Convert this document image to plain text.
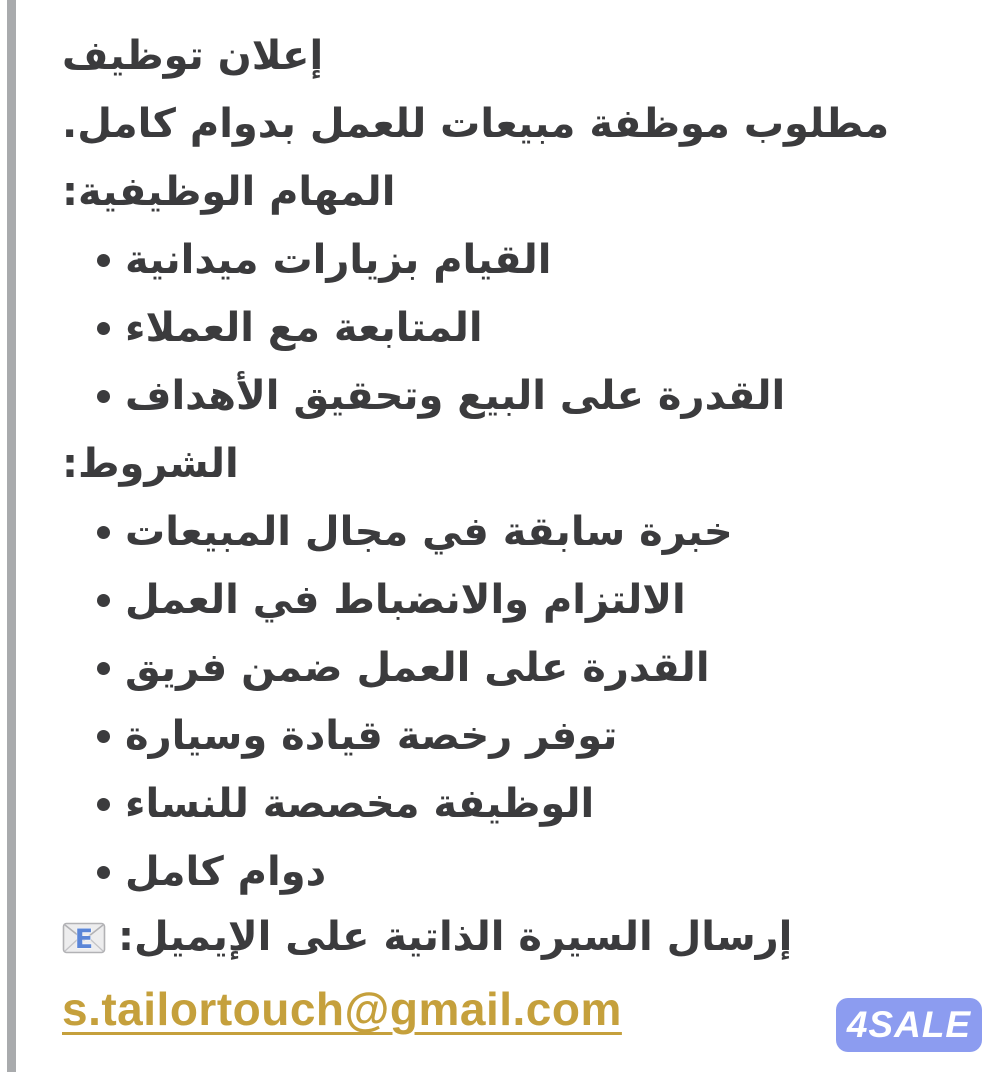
إعلان توظيف
مطلوب موظفة مبيعات للعمل بدوام كامل.
المهام الوظيفية:
القيام بزيارات ميدانية
المتابعة مع العملاء
القدرة على البيع وتحقيق الأهداف
الشروط:
خبرة سابقة في مجال المبيعات
الالتزام والانضباط في العمل
القدرة على العمل ضمن فريق
توفر رخصة قيادة وسيارة
الوظيفة مخصصة للنساء
دوام كامل
E إرسال السيرة الذاتية على الإيميل:
s.tailortouch@gmail.com	4SALE
